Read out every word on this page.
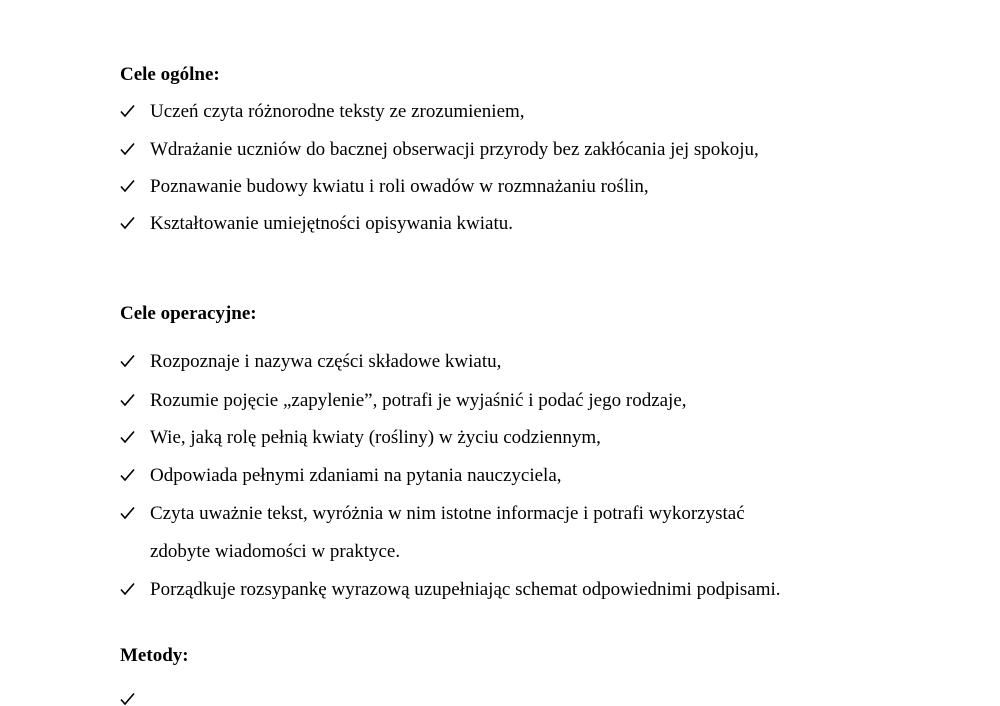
Cele ogólne:
Uczeń czyta różnorodne teksty ze zrozumieniem,
Wdrażanie uczniów do bacznej obserwacji przyrody bez zakłócania jej spokoju,
Poznawanie budowy kwiatu i roli owadów w rozmnażaniu roślin,
Kształtowanie umiejętności opisywania kwiatu.
Cele operacyjne:
Rozpoznaje i nazywa części składowe kwiatu,
Rozumie pojęcie „zapylenie”, potrafi je wyjaśnić i podać jego rodzaje,
Wie, jaką rolę pełnią kwiaty (rośliny) w życiu codziennym,
Odpowiada pełnymi zdaniami na pytania nauczyciela,
Czyta uważnie tekst, wyróżnia w nim istotne informacje i potrafi wykorzystać
zdobyte wiadomości w praktyce.
Porządkuje rozsypankę wyrazową uzupełniając schemat odpowiednimi podpisami.
Metody:
